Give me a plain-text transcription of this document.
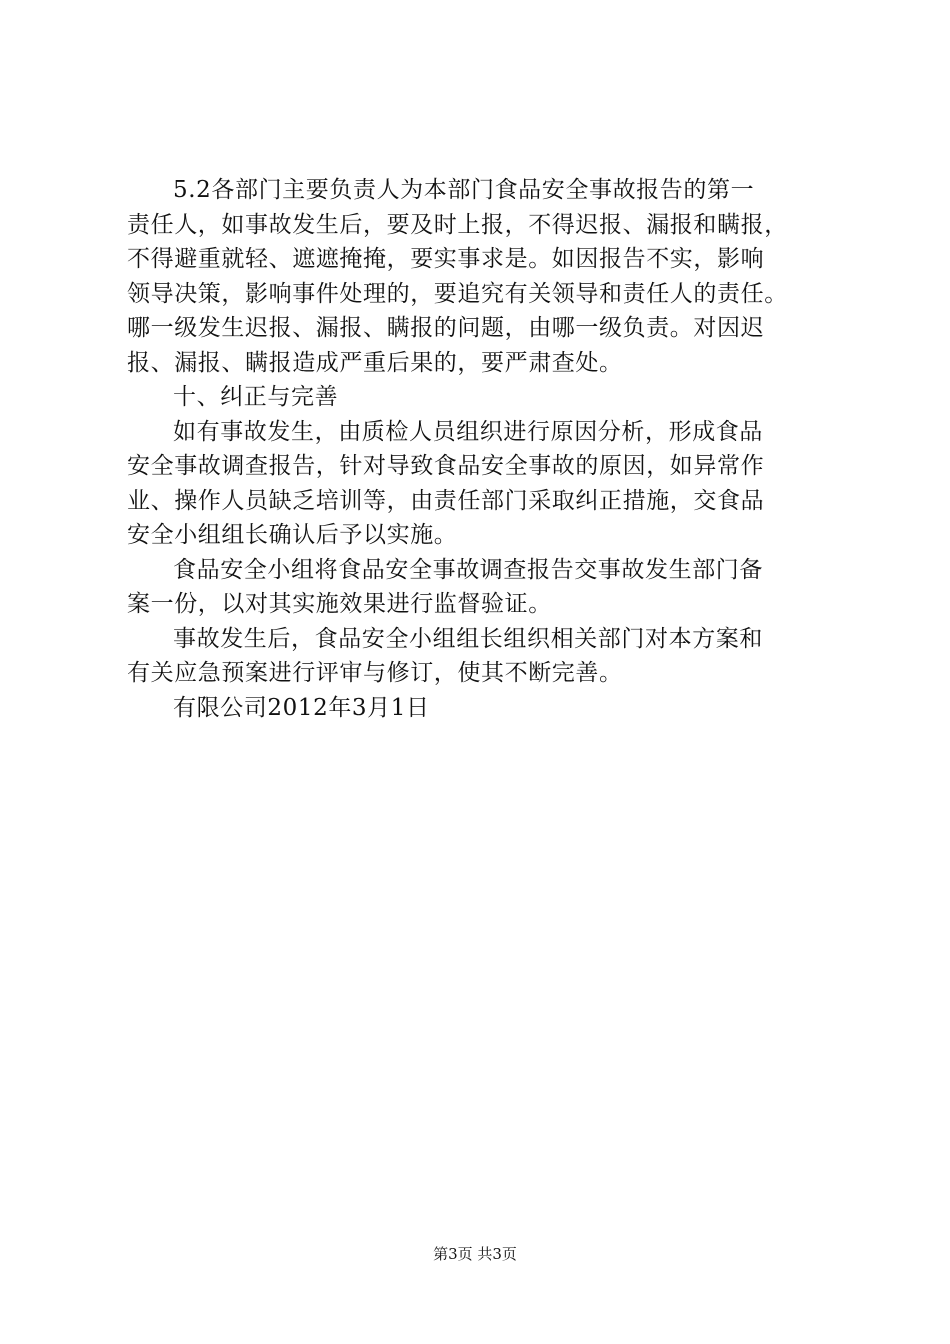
5.2各部门主要负责人为本部门食品安全事故报告的第一
责任人，如事故发生后，要及时上报，不得迟报、漏报和瞒报，
不得避重就轻、遮遮掩掩，要实事求是。如因报告不实，影响
领导决策，影响事件处理的，要追究有关领导和责任人的责任。
哪一级发生迟报、漏报、瞒报的问题，由哪一级负责。对因迟
报、漏报、瞒报造成严重后果的，要严肃查处。
十、纠正与完善
如有事故发生，由质检人员组织进行原因分析，形成食品
安全事故调查报告，针对导致食品安全事故的原因，如异常作
业、操作人员缺乏培训等，由责任部门采取纠正措施，交食品
安全小组组长确认后予以实施。
食品安全小组将食品安全事故调查报告交事故发生部门备
案一份，以对其实施效果进行监督验证。
事故发生后，食品安全小组组长组织相关部门对本方案和
有关应急预案进行评审与修订，使其不断完善。
有限公司2012年3月1日
第3页 共3页
